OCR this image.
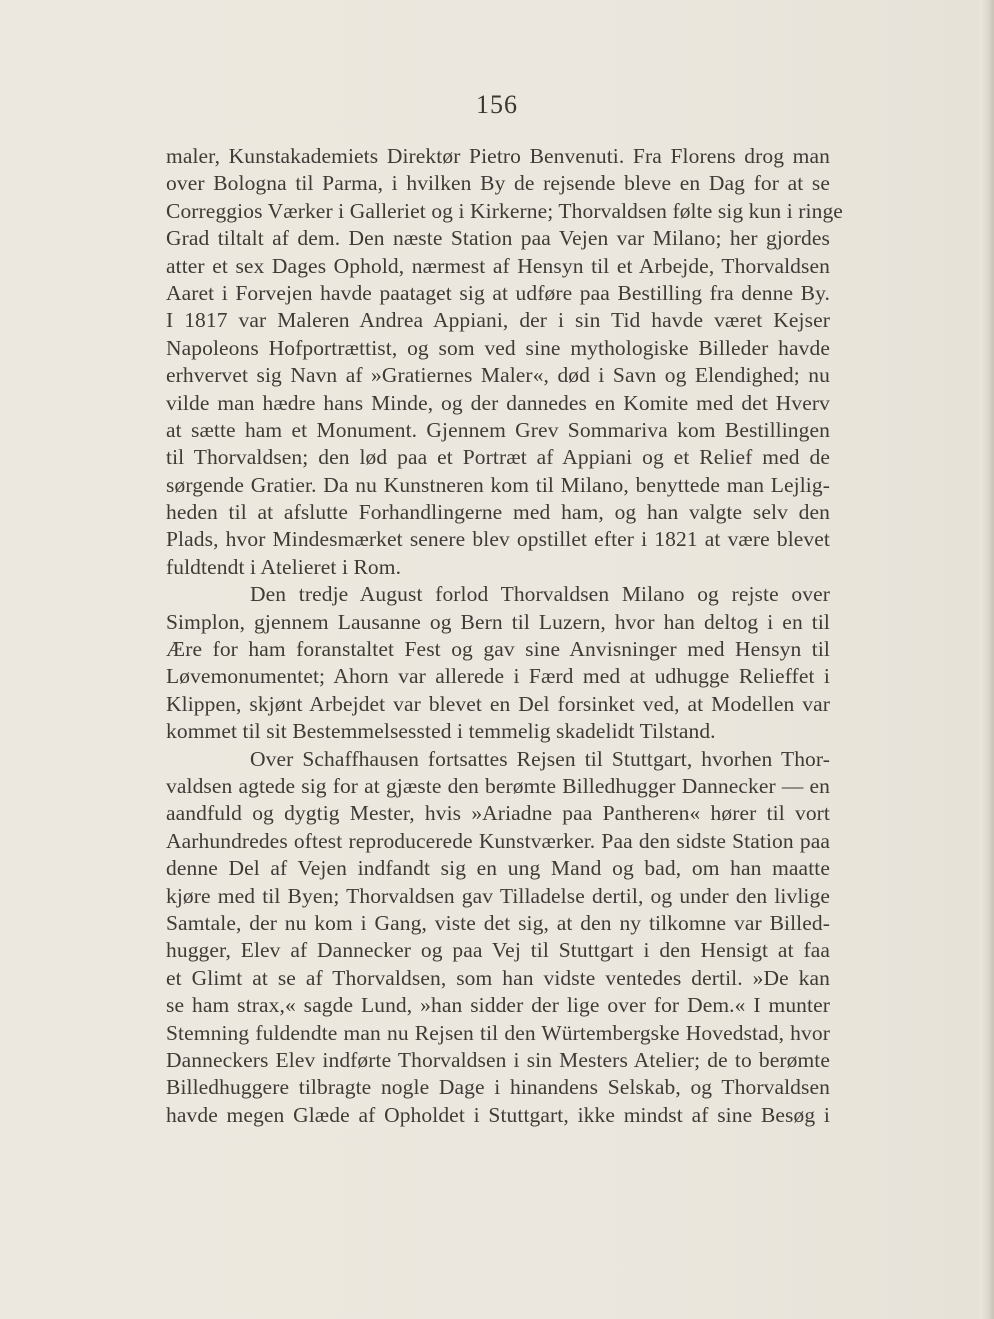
156
maler, Kunstakademiets Direktør Pietro Benvenuti. Fra Florens drog man
over Bologna til Parma, i hvilken By de rejsende bleve en Dag for at se
Correggios Værker i Galleriet og i Kirkerne; Thorvaldsen følte sig kun i ringe
Grad tiltalt af dem. Den næste Station paa Vejen var Milano; her gjordes
atter et sex Dages Ophold, nærmest af Hensyn til et Arbejde, Thorvaldsen
Aaret i Forvejen havde paataget sig at udføre paa Bestilling fra denne By.
I 1817 var Maleren Andrea Appiani, der i sin Tid havde været Kejser
Napoleons Hofportrættist, og som ved sine mythologiske Billeder havde
erhvervet sig Navn af »Gratiernes Maler«, død i Savn og Elendighed; nu
vilde man hædre hans Minde, og der dannedes en Komite med det Hverv
at sætte ham et Monument. Gjennem Grev Sommariva kom Bestillingen
til Thorvaldsen; den lød paa et Portræt af Appiani og et Relief med de
sørgende Gratier. Da nu Kunstneren kom til Milano, benyttede man Lejlig-
heden til at afslutte Forhandlingerne med ham, og han valgte selv den
Plads, hvor Mindesmærket senere blev opstillet efter i 1821 at være blevet
fuldtendt i Atelieret i Rom.
Den tredje August forlod Thorvaldsen Milano og rejste over
Simplon, gjennem Lausanne og Bern til Luzern, hvor han deltog i en til
Ære for ham foranstaltet Fest og gav sine Anvisninger med Hensyn til
Løvemonumentet; Ahorn var allerede i Færd med at udhugge Relieffet i
Klippen, skjønt Arbejdet var blevet en Del forsinket ved, at Modellen var
kommet til sit Bestemmelsessted i temmelig skadelidt Tilstand.
Over Schaffhausen fortsattes Rejsen til Stuttgart, hvorhen Thor-
valdsen agtede sig for at gjæste den berømte Billedhugger Dannecker — en
aandfuld og dygtig Mester, hvis »Ariadne paa Pantheren« hører til vort
Aarhundredes oftest reproducerede Kunstværker. Paa den sidste Station paa
denne Del af Vejen indfandt sig en ung Mand og bad, om han maatte
kjøre med til Byen; Thorvaldsen gav Tilladelse dertil, og under den livlige
Samtale, der nu kom i Gang, viste det sig, at den ny tilkomne var Billed-
hugger, Elev af Dannecker og paa Vej til Stuttgart i den Hensigt at faa
et Glimt at se af Thorvaldsen, som han vidste ventedes dertil. »De kan
se ham strax,« sagde Lund, »han sidder der lige over for Dem.« I munter
Stemning fuldendte man nu Rejsen til den Würtembergske Hovedstad, hvor
Danneckers Elev indførte Thorvaldsen i sin Mesters Atelier; de to berømte
Billedhuggere tilbragte nogle Dage i hinandens Selskab, og Thorvaldsen
havde megen Glæde af Opholdet i Stuttgart, ikke mindst af sine Besøg i
